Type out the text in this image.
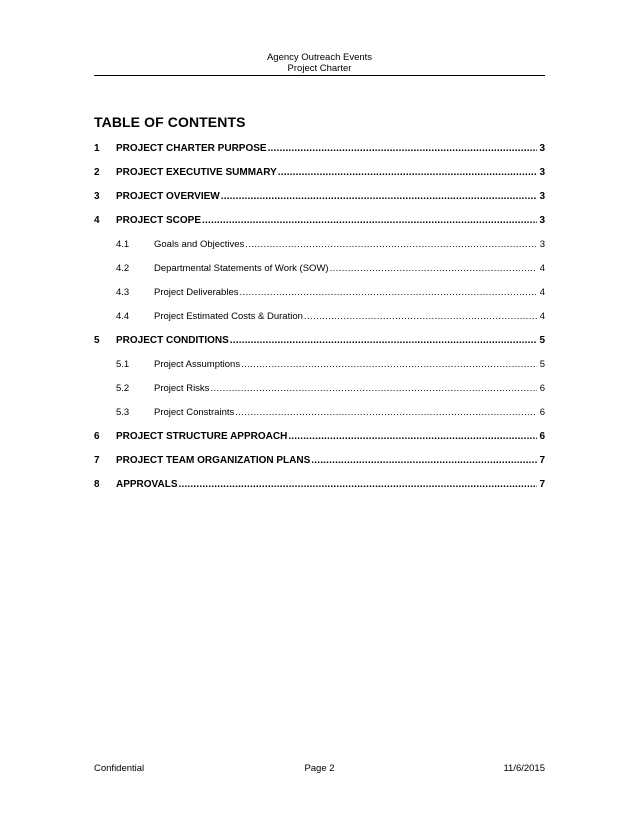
Agency Outreach Events
Project Charter
TABLE OF CONTENTS
1	PROJECT CHARTER PURPOSE .....	3
2	PROJECT EXECUTIVE SUMMARY .....	3
3	PROJECT OVERVIEW .....	3
4	PROJECT SCOPE .....	3
4.1	Goals and Objectives .....	3
4.2	Departmental Statements of Work (SOW) .....	4
4.3	Project Deliverables .....	4
4.4	Project Estimated Costs & Duration .....	4
5	PROJECT CONDITIONS .....	5
5.1	Project Assumptions .....	5
5.2	Project Risks .....	6
5.3	Project Constraints .....	6
6	PROJECT STRUCTURE APPROACH .....	6
7	PROJECT TEAM ORGANIZATION PLANS .....	7
8	APPROVALS .....	7
Confidential	Page 2	11/6/2015
